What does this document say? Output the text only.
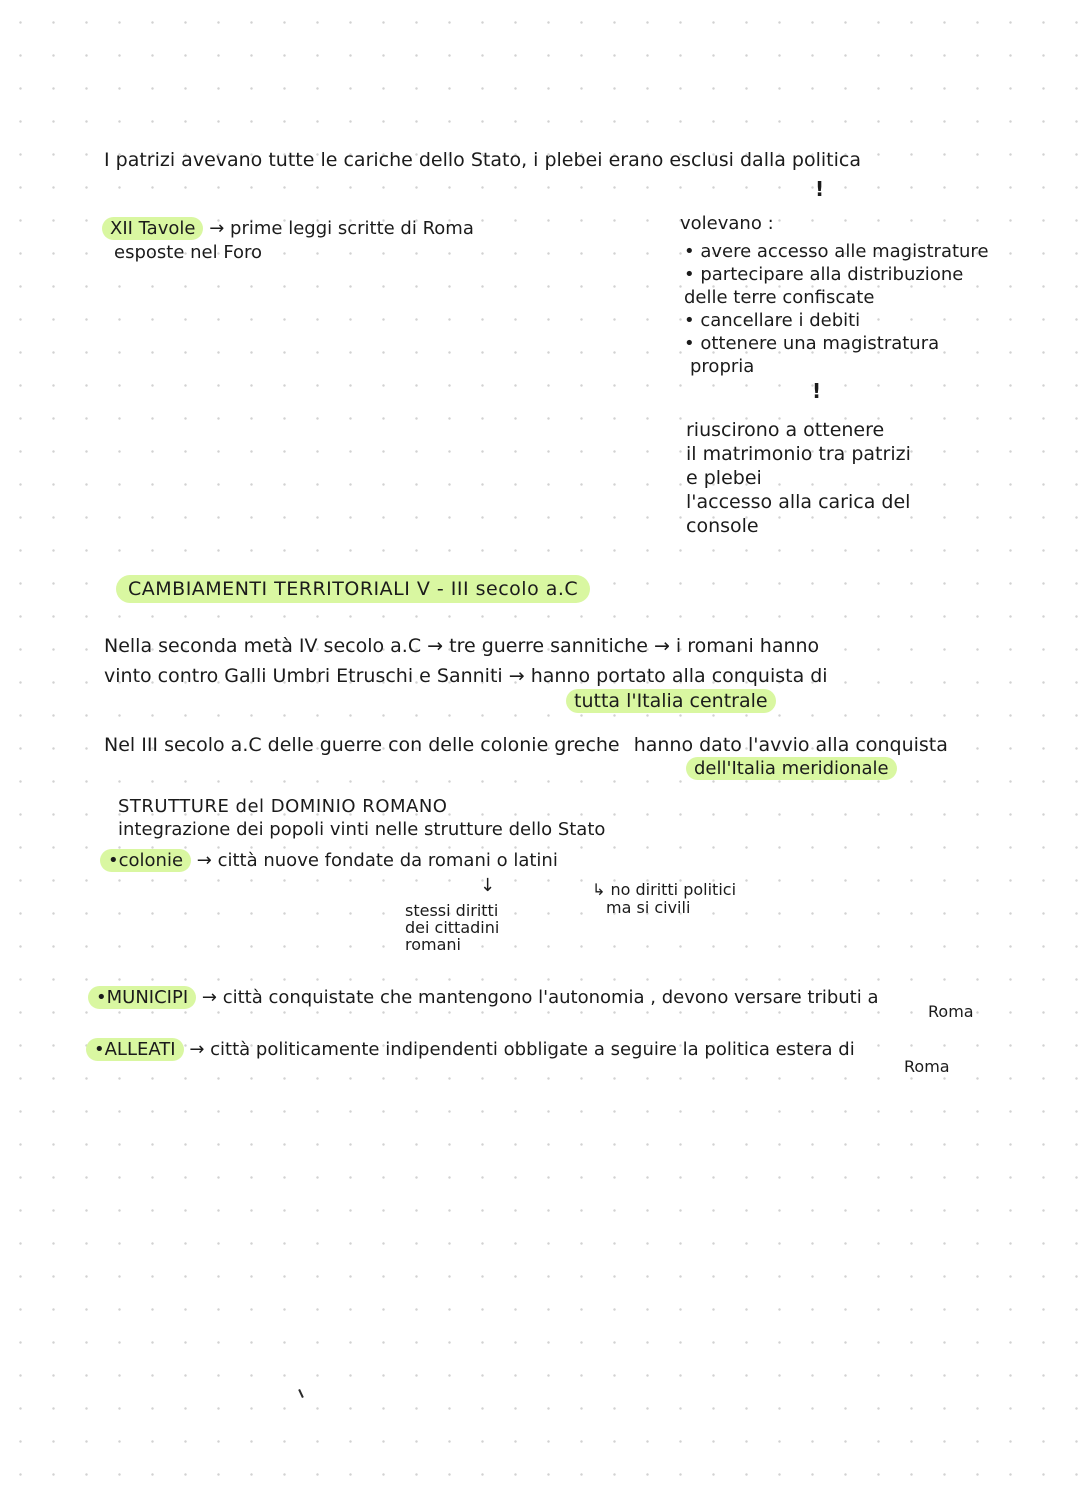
I patrizi avevano tutte le cariche dello Stato, i plebei erano esclusi dalla politica
!
XII Tavole → prime leggi scritte di Roma
esposte nel Foro
volevano :
• avere accesso alle magistrature
• partecipare alla distribuzione
delle terre confiscate
• cancellare i debiti
• ottenere una magistratura
propria
!
riuscirono a ottenere
il matrimonio tra patrizi
e plebei
l'accesso alla carica del
console
CAMBIAMENTI TERRITORIALI V - III secolo a.C
Nella seconda metà IV secolo a.C → tre guerre sannitiche → i romani hanno
vinto contro Galli Umbri Etruschi e Sanniti → hanno portato alla conquista di
tutta l'Italia centrale
Nel III secolo a.C delle guerre con delle colonie greche hanno dato l'avvio alla conquista
dell'Italia meridionale
STRUTTURE del DOMINIO ROMANO
integrazione dei popoli vinti nelle strutture dello Stato
•colonie → città nuove fondate da romani o latini
↓
stessi diritti
dei cittadini
romani
↳ no diritti politici
ma si civili
•MUNICIPI → città conquistate che mantengono l'autonomia , devono versare tributi a
Roma
•ALLEATI → città politicamente indipendenti obbligate a seguire la politica estera di
Roma
